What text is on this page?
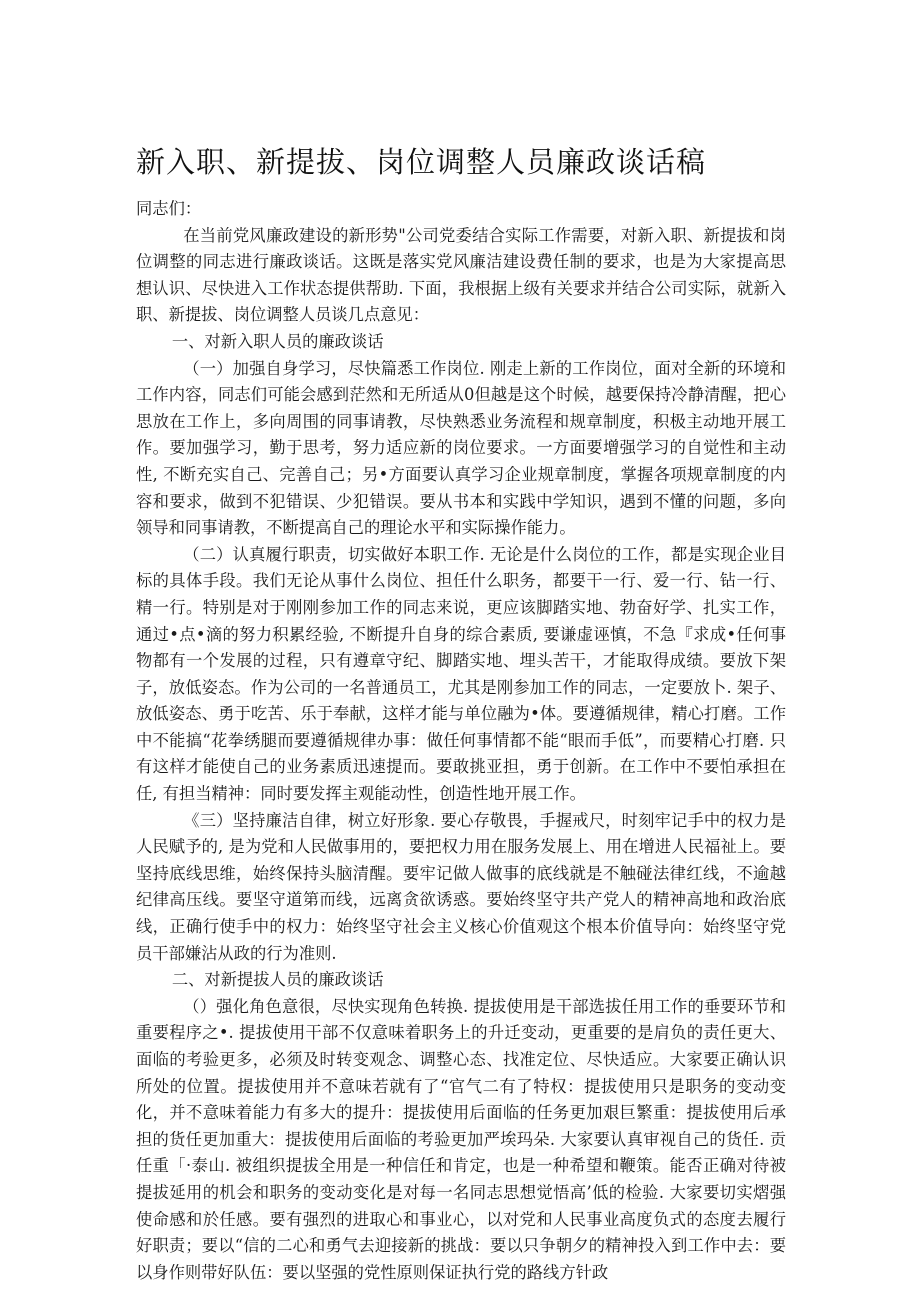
新入职、新提拔、岗位调整人员廉政谈话稿

同志们：

在当前党风廉政建设的新形势"公司党委结合实际工作需要，对新入职、新提拔和岗位调整的同志进行廉政谈话。这既是落实党风廉洁建设费任制的要求，也是为大家提高思想认识、尽快进入工作状态提供帮助. 下面，我根据上级有关要求并结合公司实际，就新入职、新提拔、岗位调整人员谈几点意见：

一、对新入职人员的廉政谈话

（一）加强自身学习，尽快篇悉工作岗位. 刚走上新的工作岗位，面对全新的环境和工作内容，同志们可能会感到茫然和无所适从0但越是这个时候，越要保持冷静清醒，把心思放在工作上，多向周围的同事请教，尽快熟悉业务流程和规章制度，积极主动地开展工作。要加强学习，勤于思考，努力适应新的岗位要求。一方面要增强学习的自觉性和主动性, 不断充实自己、完善自己；另•方面要认真学习企业规章制度，掌握各项规章制度的内容和要求，做到不犯错误、少犯错误。要从书本和实践中学知识，遇到不懂的问题，多向领导和同事请教，不断提高自己的理论水平和实际操作能力。

（二）认真履行职责，切实做好本职工作. 无论是什么岗位的工作，都是实现企业目标的具体手段。我们无论从事什么岗位、担任什么职务，都要干一行、爱一行、钻一行、精一行。特别是对于刚刚参加工作的同志来说，更应该脚踏实地、勃奋好学、扎实工作，通过•点•滴的努力积累经验, 不断提升自身的综合素质, 要谦虚诬慎，不急『求成•任何事物都有一个发展的过程，只有遵章守纪、脚踏实地、埋头苦干，才能取得成绩。要放下架子，放低姿态。作为公司的一名普通员工，尤其是刚参加工作的同志，一定要放卜. 架子、放低姿态、勇于吃苦、乐于奉献，这样才能与单位融为•体。要遵循规律，精心打磨。工作中不能搞“花拳绣腿而要遵循规律办事：做任何事情都不能“眼而手低”，而要精心打磨. 只有这样才能使自己的业务素质迅速提而。要敢挑亚担，勇于创新。在工作中不要怕承担在任, 有担当精神：同时要发挥主观能动性，创造性地开展工作。

《三）坚持廉洁自律，树立好形象. 要心存敬畏，手握戒尺，时刻牢记手中的权力是人民赋予的, 是为党和人民做事用的，要把权力用在服务发展上、用在增进人民福祉上。要坚持底线思维，始终保持头脑清醒。要牢记做人做事的底线就是不触碰法律红线，不逾越纪律高压线。要坚守道第而线，远离贪欲诱惑。要始终坚守共产党人的精神高地和政治底线，正确行使手中的权力：始终坚守社会主义核心价值观这个根本价值导向：始终坚守党员干部嫌沾从政的行为准则.

二、对新提拔人员的廉政谈话

（）强化角色意很，尽快实现角色转换. 提拔使用是干部选拔任用工作的垂要环节和重要程序之•. 提拔使用干部不仅意味着职务上的升迁变动，更重要的是肩负的责任更大、面临的考验更多，必须及时转变观念、调整心态、找准定位、尽快适应。大家要正确认识所处的位置。提拔使用并不意味若就有了“官气二有了特权：提拔使用只是职务的变动变化，并不意味着能力有多大的提升：提拔使用后面临的任务更加艰巨繁重：提拔使用后承担的货任更加重大：提拔使用后面临的考验更加严埃玛朵. 大家要认真审视自己的货任. 贡任重「·泰山. 被组织提拔全用是一种信任和肯定，也是一种希望和鞭策。能否正确对待被提拔延用的机会和职务的变动变化是对每一名同志思想觉悟高’低的检验. 大家要切实熠强使命感和於任感。要有强烈的进取心和事业心，以对党和人民事业高度负式的态度去履行好职责；要以“信的二心和勇气去迎接新的挑战：要以只争朝夕的精神投入到工作中去：要以身作则带好队伍：要以坚强的党性原则保证执行党的路线方针政
